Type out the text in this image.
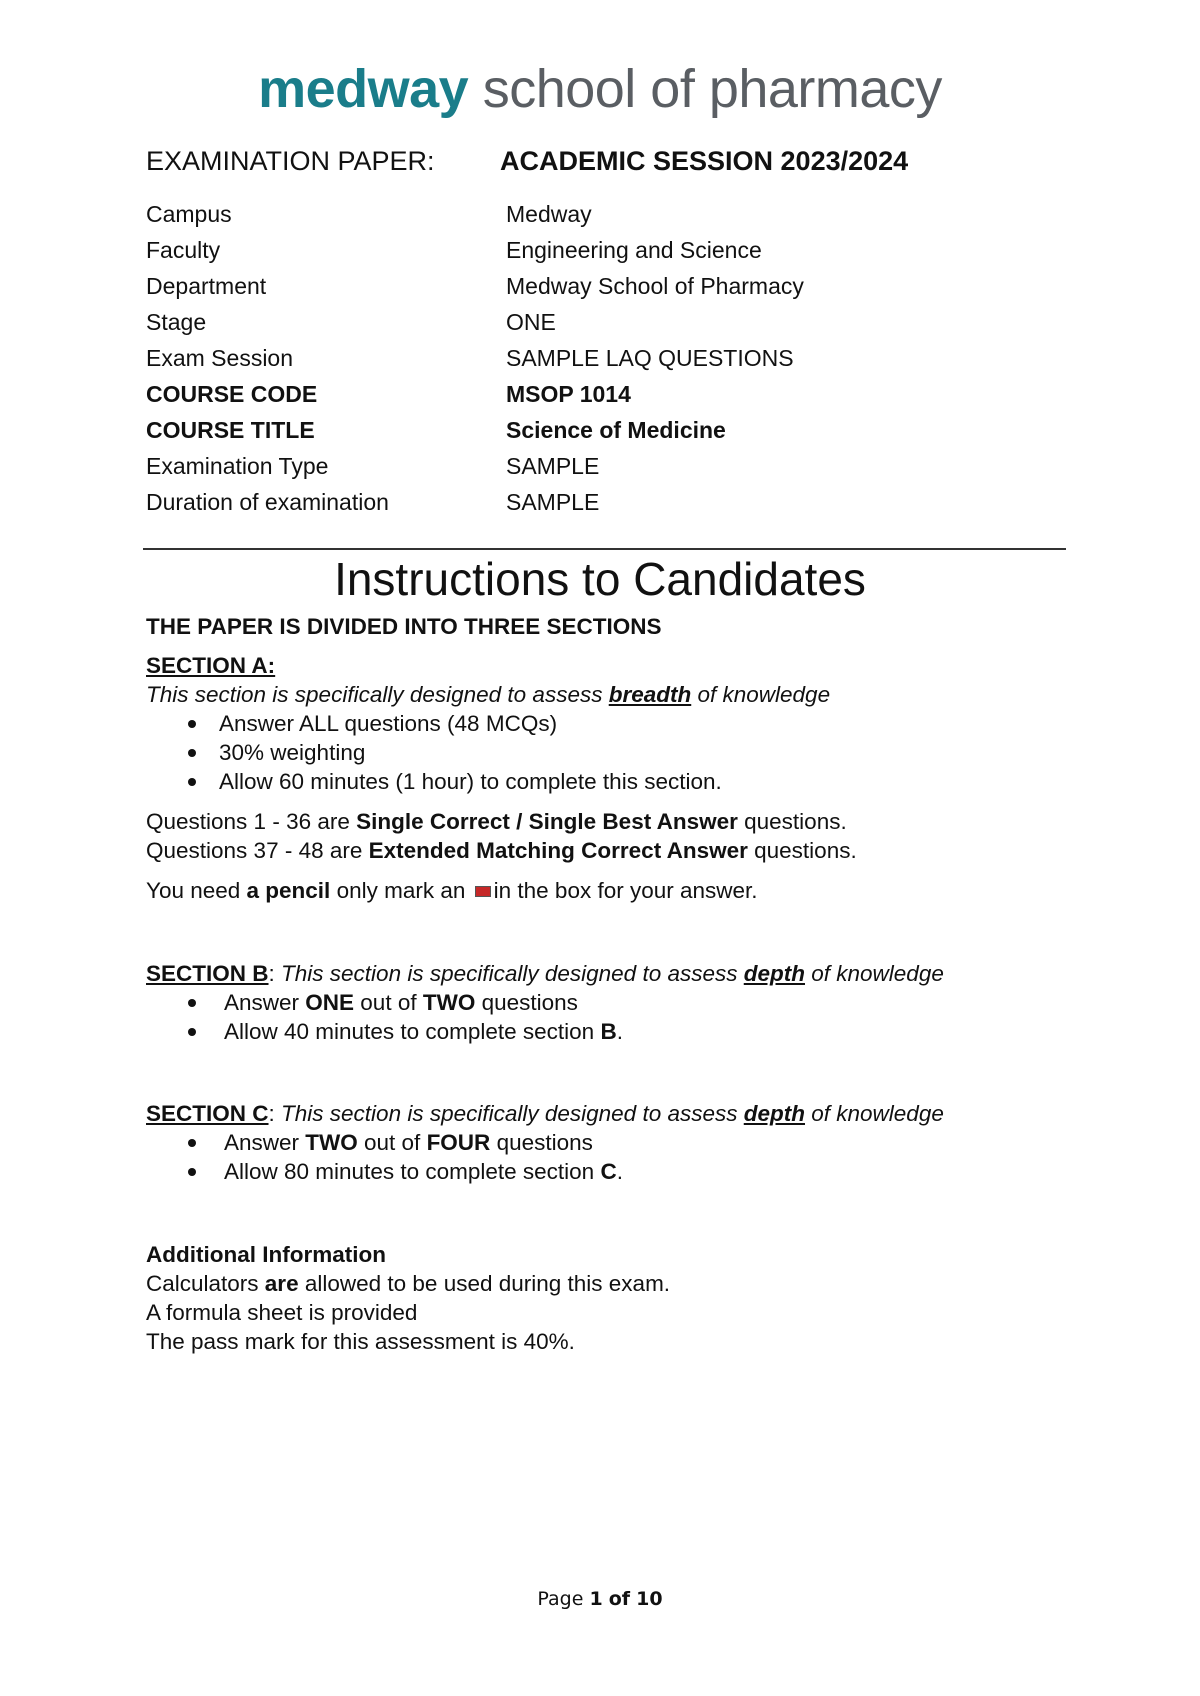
medway school of pharmacy
EXAMINATION PAPER: ACADEMIC SESSION 2023/2024
Campus	Medway
Faculty	Engineering and Science
Department	Medway School of Pharmacy
Stage	ONE
Exam Session	SAMPLE LAQ QUESTIONS
COURSE CODE	MSOP 1014
COURSE TITLE	Science of Medicine
Examination Type	SAMPLE
Duration of examination	SAMPLE
Instructions to Candidates

THE PAPER IS DIVIDED INTO THREE SECTIONS

SECTION A:

This section is specifically designed to assess breadth of knowledge

Answer ALL questions (48 MCQs)
30% weighting
Allow 60 minutes (1 hour) to complete this section.

Questions 1 - 36 are Single Correct / Single Best Answer questions.

Questions 37 - 48 are Extended Matching Correct Answer questions.

You need a pencil only mark an in the box for your answer.

SECTION B: This section is specifically designed to assess depth of knowledge

Answer ONE out of TWO questions
Allow 40 minutes to complete section B.

SECTION C: This section is specifically designed to assess depth of knowledge

Answer TWO out of FOUR questions
Allow 80 minutes to complete section C.

Additional Information

Calculators are allowed to be used during this exam.

A formula sheet is provided

The pass mark for this assessment is 40%.

Page 1 of 10
